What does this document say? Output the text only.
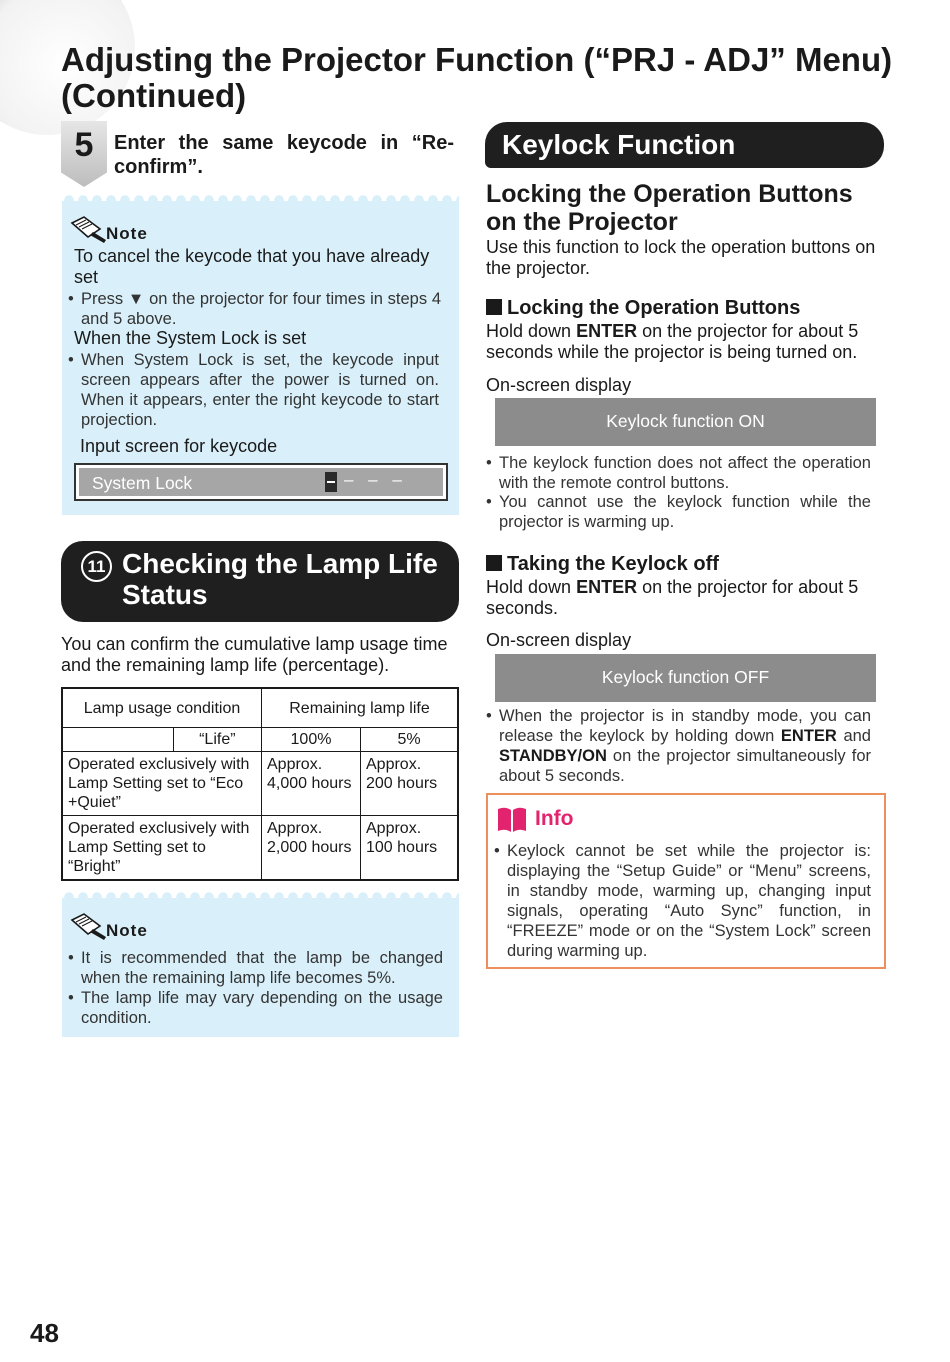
Adjusting the Projector Function (“PRJ - ADJ” Menu)
(Continued)
5	Enter the same keycode in “Re-confirm”.
Note
To cancel the keycode that you have already set
• Press ▼ on the projector for four times in steps 4 and 5 above.
When the System Lock is set
• When System Lock is set, the keycode input screen appears after the power is turned on. When it appears, enter the right keycode to start projection.
Input screen for keycode
System Lock	– – –
11 Checking the Lamp Life Status
You can confirm the cumulative lamp usage time and the remaining lamp life (percentage).
Lamp usage condition		Remaining lamp life	
	“Life”	100%	5%
Operated exclusively with Lamp Setting set to “Eco +Quiet”		Approx. 4,000 hours	Approx. 200 hours
Operated exclusively with Lamp Setting set to “Bright”		Approx. 2,000 hours	Approx. 100 hours
Note
• It is recommended that the lamp be changed when the remaining lamp life becomes 5%.
• The lamp life may vary depending on the usage condition.
Keylock Function
Locking the Operation Buttons on the Projector
Use this function to lock the operation buttons on the projector.
Locking the Operation Buttons
Hold down ENTER on the projector for about 5 seconds while the projector is being turned on.
On-screen display
Keylock function ON
• The keylock function does not affect the operation with the remote control buttons.
• You cannot use the keylock function while the projector is warming up.
Taking the Keylock off
Hold down ENTER on the projector for about 5 seconds.
On-screen display
Keylock function OFF
• When the projector is in standby mode, you can release the keylock by holding down ENTER and STANDBY/ON on the projector simultaneously for about 5 seconds.
Info
• Keylock cannot be set while the projector is: displaying the “Setup Guide” or “Menu” screens, in standby mode, warming up, changing input signals, operating “Auto Sync” function, in “FREEZE” mode or on the “System Lock” screen during warming up.
48
